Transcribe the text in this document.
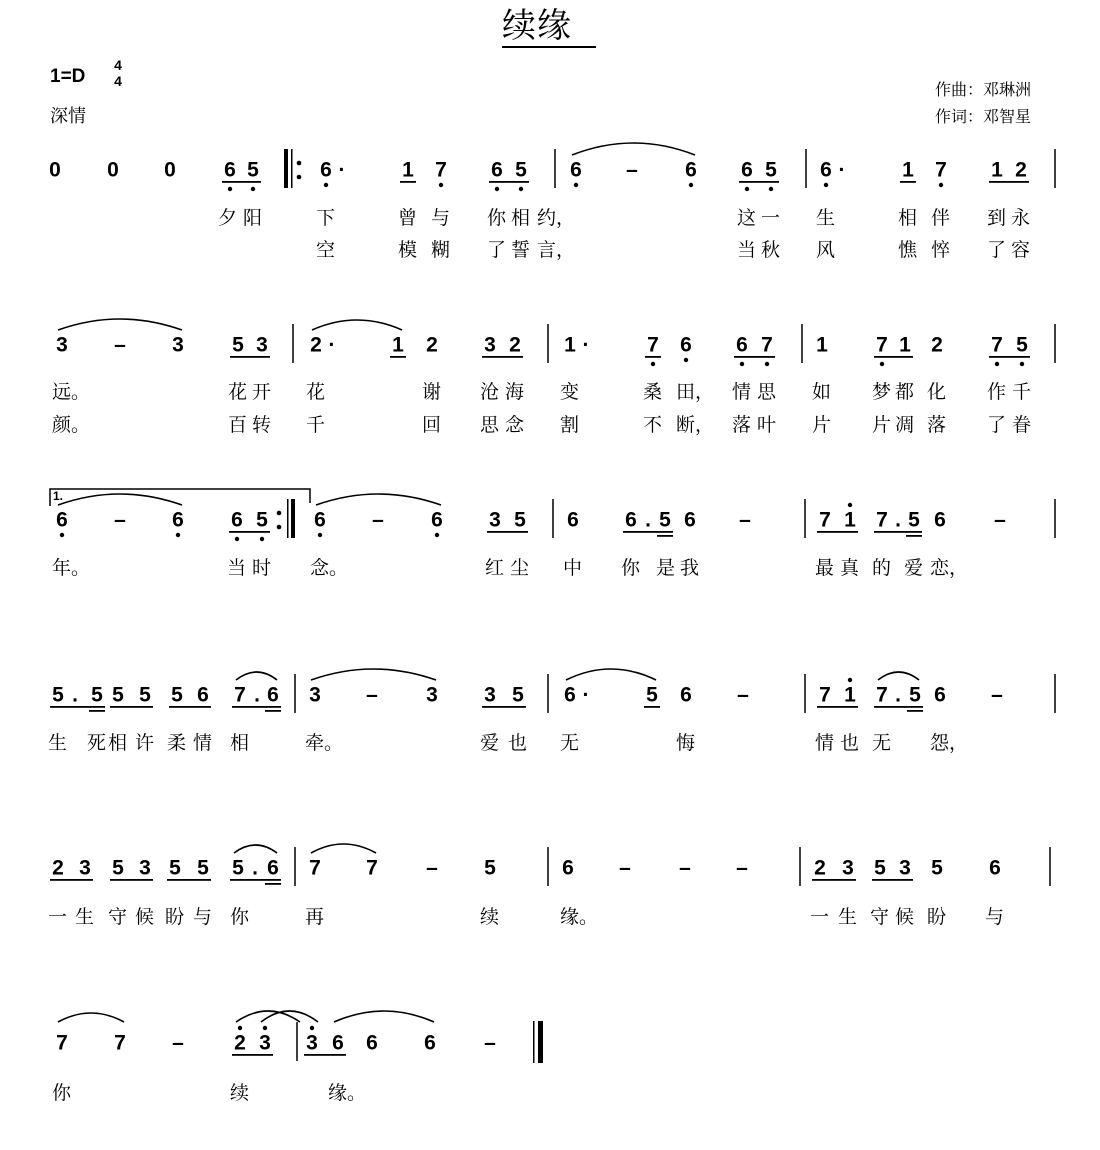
续缘
1=D
4
4
深情
作曲：邓琳洲
作词：邓智星
1.
0 0 0 6 5	6 ·	1 7 6 5 6 – 6 6 5 6 ·	1 7 1 2
3 – 3 5 3 2 ·	1 2 3 2 1 ·	7 6 6 7 1 7 1 2 7 5
6 – 6 6 5 6 – 6 3 5 6 6 . 5 6 –	7 1 7 . 5 6 –
5 . 5 5 5 5 6 7 . 6 3 – 3 3 5 6 ·	5 6 –	7 1 7 . 5 6 –
2 3 5 3 5 5 5 . 6 7 7 – 5	6 – – –	2 3 5 3 5 6
7 7 – 2 3 3 6 6 6 –
夕 阳	下	曾 与 你 相 约，	这 一 生	相 伴 到 永
空	模 糊 了 誓 言，	当 秋 风	憔 悴 了 容
远。	花 开 花	谢 沧 海 变	桑 田， 情 思 如 梦 都 化 作 千
颜。	百 转 千	回 思 念 割	不 断， 落 叶 片 片 凋 落 了 眷
年。	当 时 念。	红 尘 中 你 是 我	最 真 的 爱 恋，
生 死 相 许 柔 情 相	牵。	爱 也 无	悔	情 也 无 怨，
一 生 守 候 盼 与 你	再	续	缘。	一 生 守 候 盼 与
你	续	缘。
